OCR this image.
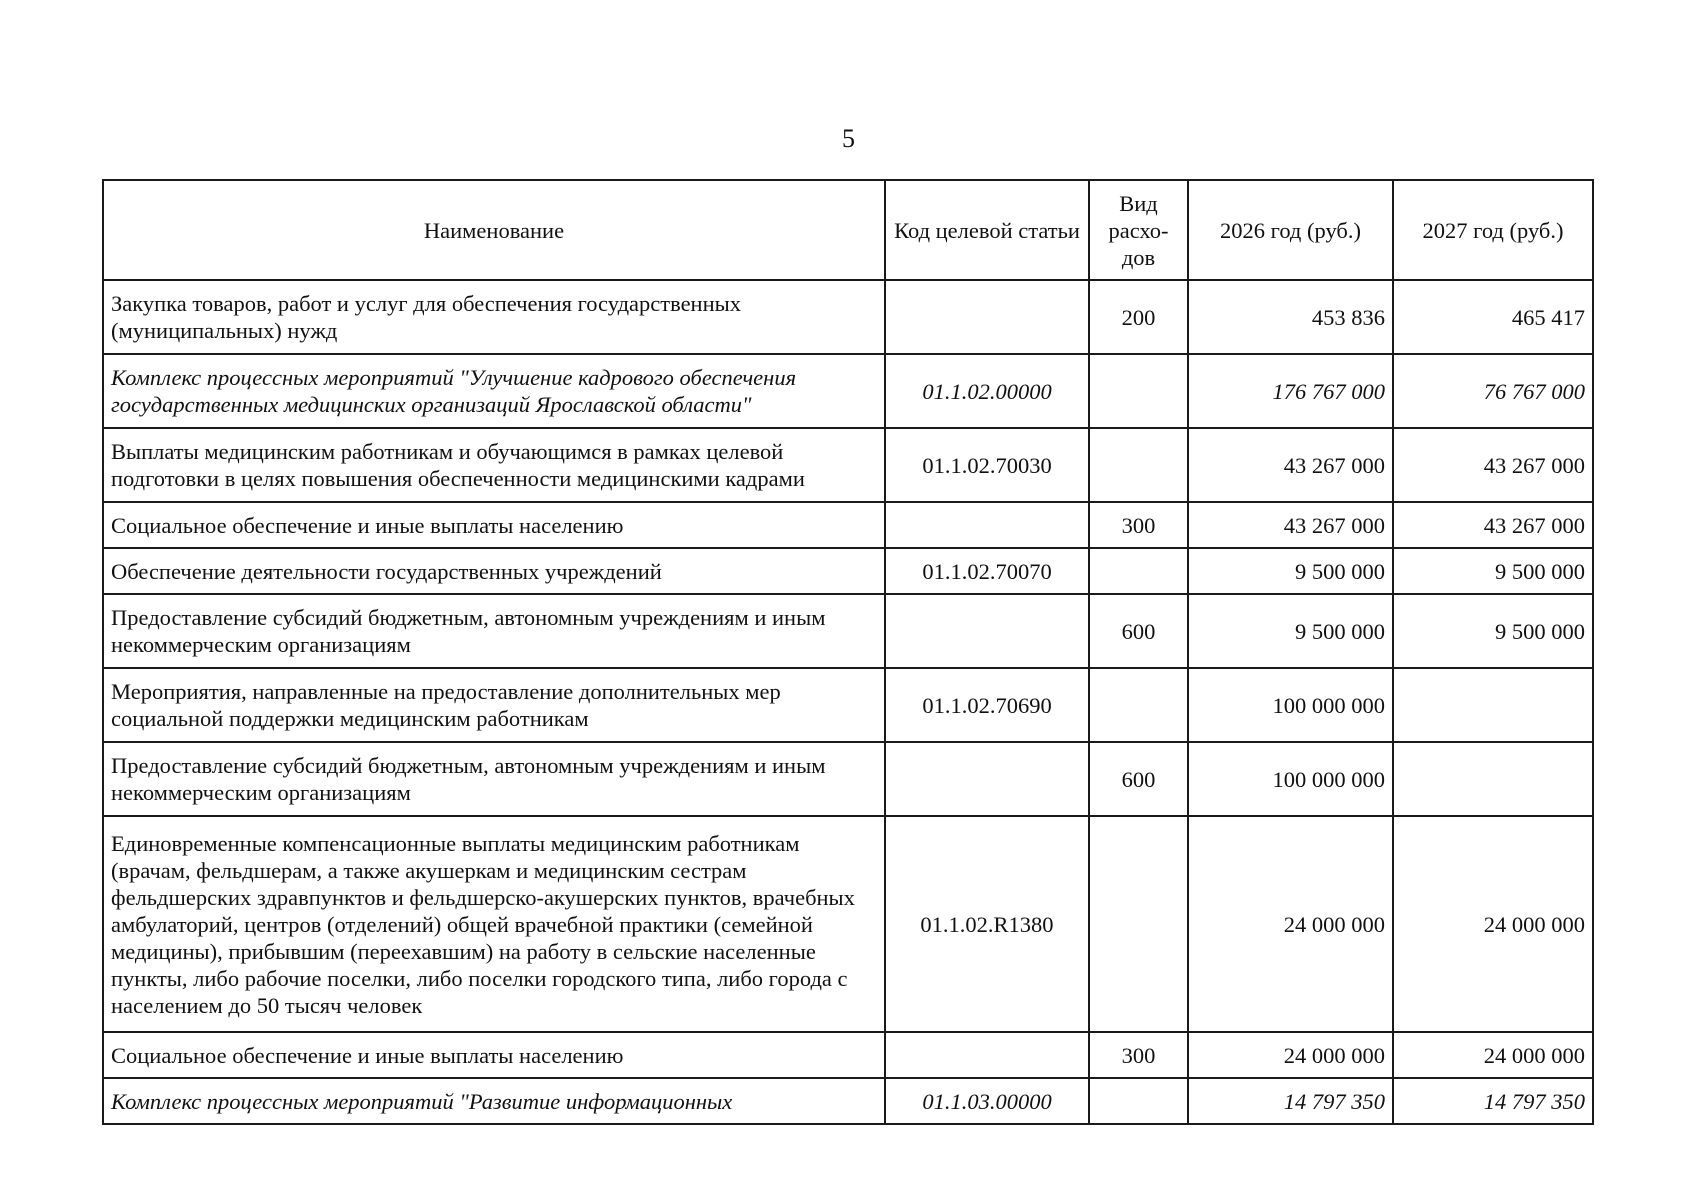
5
Наименование	Код целевой статьи	Вид расхо-дов	2026 год (руб.)	2027 год (руб.)
Закупка товаров, работ и услуг для обеспечения государственных (муниципальных) нужд		200	453 836	465 417
Комплекс процессных мероприятий "Улучшение кадрового обеспечения государственных медицинских организаций Ярославской области"	01.1.02.00000		176 767 000	76 767 000
Выплаты медицинским работникам и обучающимся в рамках целевой подготовки в целях повышения обеспеченности медицинскими кадрами	01.1.02.70030		43 267 000	43 267 000
Социальное обеспечение и иные выплаты населению		300	43 267 000	43 267 000
Обеспечение деятельности государственных учреждений	01.1.02.70070		9 500 000	9 500 000
Предоставление субсидий бюджетным, автономным учреждениям и иным некоммерческим организациям		600	9 500 000	9 500 000
Мероприятия, направленные на предоставление дополнительных мер социальной поддержки медицинским работникам	01.1.02.70690		100 000 000	
Предоставление субсидий бюджетным, автономным учреждениям и иным некоммерческим организациям		600	100 000 000	
Единовременные компенсационные выплаты медицинским работникам (врачам, фельдшерам, а также акушеркам и медицинским сестрам фельдшерских здравпунктов и фельдшерско-акушерских пунктов, врачебных амбулаторий, центров (отделений) общей врачебной практики (семейной медицины), прибывшим (переехавшим) на работу в сельские населенные пункты, либо рабочие поселки, либо поселки городского типа, либо города с населением до 50 тысяч человек	01.1.02.R1380		24 000 000	24 000 000
Социальное обеспечение и иные выплаты населению		300	24 000 000	24 000 000
Комплекс процессных мероприятий "Развитие информационных	01.1.03.00000		14 797 350	14 797 350
